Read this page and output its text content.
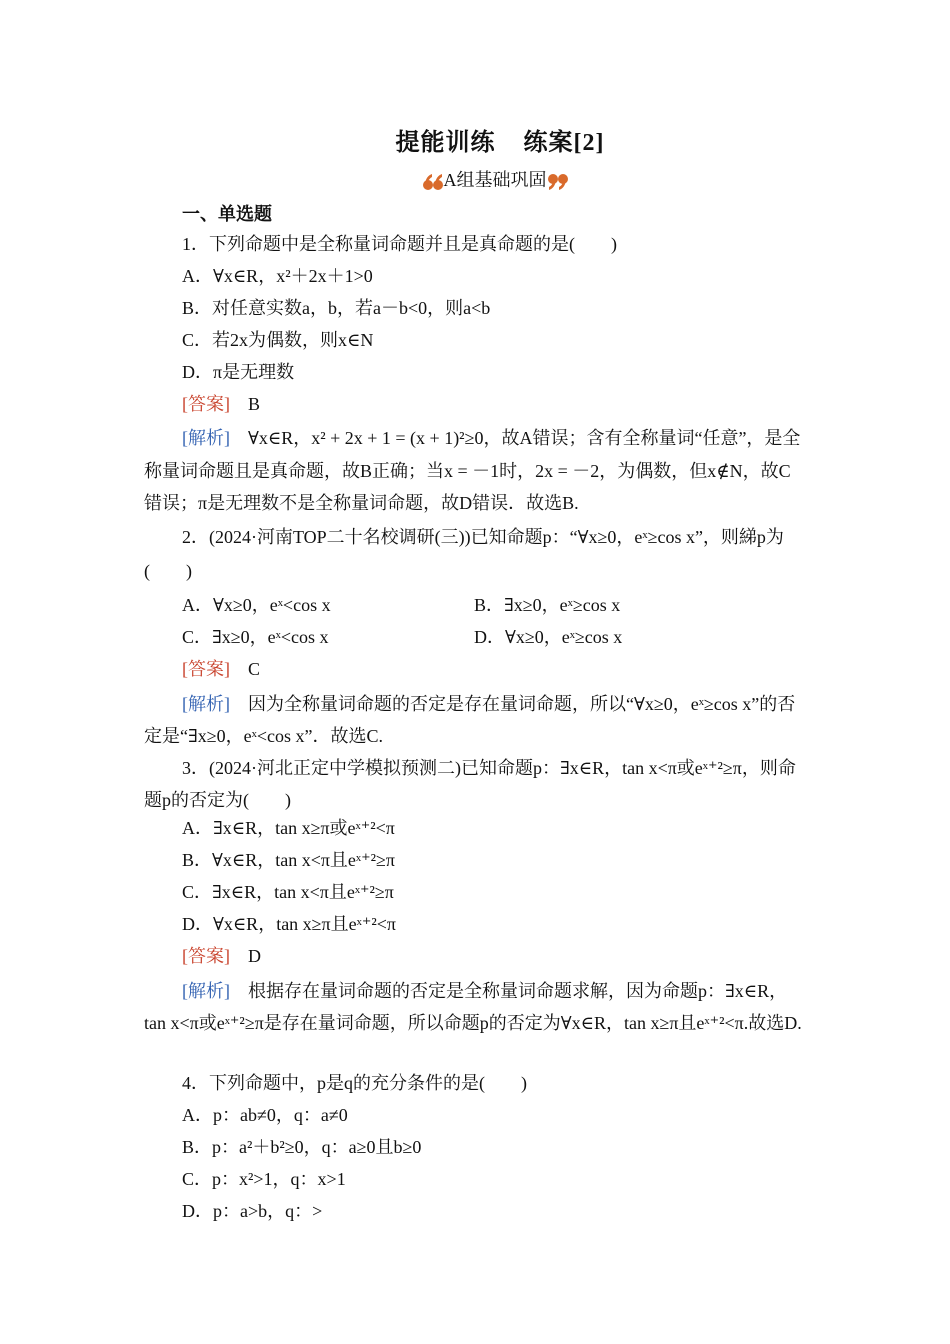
提能训练 练案[2]
A组基础巩固
一、单选题
1．下列命题中是全称量词命题并且是真命题的是(　　)
A．∀x∈R，x²＋2x＋1>0
B．对任意实数a，b，若a－b<0，则a<b
C．若2x为偶数，则x∈N
D．π是无理数
[答案]　 B
[解析]　 ∀x∈R，x² + 2x + 1 = (x + 1)²≥0，故A错误；含有全称量词“任意”，是全称量词命题且是真命题，故B正确；当x = －1时，2x = －2，为偶数，但x∉N，故C错误；π是无理数不是全称量词命题，故D错误．故选B.
2．(2024·河南TOP二十名校调研(三))已知命题p：“∀x≥0，eˣ≥cos x”，则綈p为(　　)
A．∀x≥0，eˣ<cos x	B．∃x≥0，eˣ≥cos x
C．∃x≥0，eˣ<cos x	D．∀x≥0，eˣ≥cos x
[答案]　 C
[解析]　 因为全称量词命题的否定是存在量词命题，所以“∀x≥0，eˣ≥cos x”的否定是“∃x≥0，eˣ<cos x”．故选C.
3．(2024·河北正定中学模拟预测二)已知命题p：∃x∈R，tan x<π或eˣ⁺²≥π，则命题p的否定为(　　)
A．∃x∈R，tan x≥π或eˣ⁺²<π
B．∀x∈R，tan x<π且eˣ⁺²≥π
C．∃x∈R，tan x<π且eˣ⁺²≥π
D．∀x∈R，tan x≥π且eˣ⁺²<π
[答案]　 D
[解析]　 根据存在量词命题的否定是全称量词命题求解，因为命题p：∃x∈R，tan x<π或eˣ⁺²≥π是存在量词命题，所以命题p的否定为∀x∈R，tan x≥π且eˣ⁺²<π.故选D.
4．下列命题中，p是q的充分条件的是(　　)
A．p：ab≠0，q：a≠0
B．p：a²＋b²≥0，q：a≥0且b≥0
C．p：x²>1，q：x>1
D．p：a>b，q：>
